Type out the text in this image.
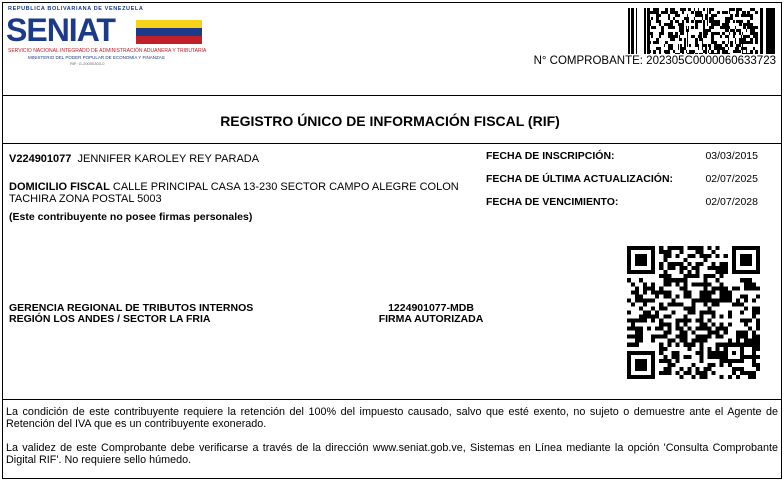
REPUBLICA BOLIVARIANA DE VENEZUELA
SENIAT
SERVICIO NACIONAL INTEGRADO DE ADMINISTRACIÓN ADUANERA Y TRIBUTARIA
MINISTERIO DEL PODER POPULAR DE ECONOMÍA Y FINANZAS
RIF: G-20000303-0	N° COMPROBANTE: 202305C0000060633723
REGISTRO ÚNICO DE INFORMACIÓN FISCAL (RIF)
V224901077 JENNIFER KAROLEY REY PARADA
DOMICILIO FISCAL CALLE PRINCIPAL CASA 13-230 SECTOR CAMPO ALEGRE COLON TACHIRA ZONA POSTAL 5003
(Este contribuyente no posee firmas personales)
FECHA DE INSCRIPCIÓN:	03/03/2015
FECHA DE ÚLTIMA ACTUALIZACIÓN:	02/07/2025
FECHA DE VENCIMIENTO:	02/07/2028
GERENCIA REGIONAL DE TRIBUTOS INTERNOS
REGIÓN LOS ANDES / SECTOR LA FRIA
1224901077-MDB
FIRMA AUTORIZADA

La condición de este contribuyente requiere la retención del 100% del impuesto causado, salvo que esté exento, no sujeto o demuestre ante el Agente de Retención del IVA que es un contribuyente exonerado.

La validez de este Comprobante debe verificarse a través de la dirección www.seniat.gob.ve, Sistemas en Línea mediante la opción 'Consulta Comprobante Digital RIF'. No requiere sello húmedo.
